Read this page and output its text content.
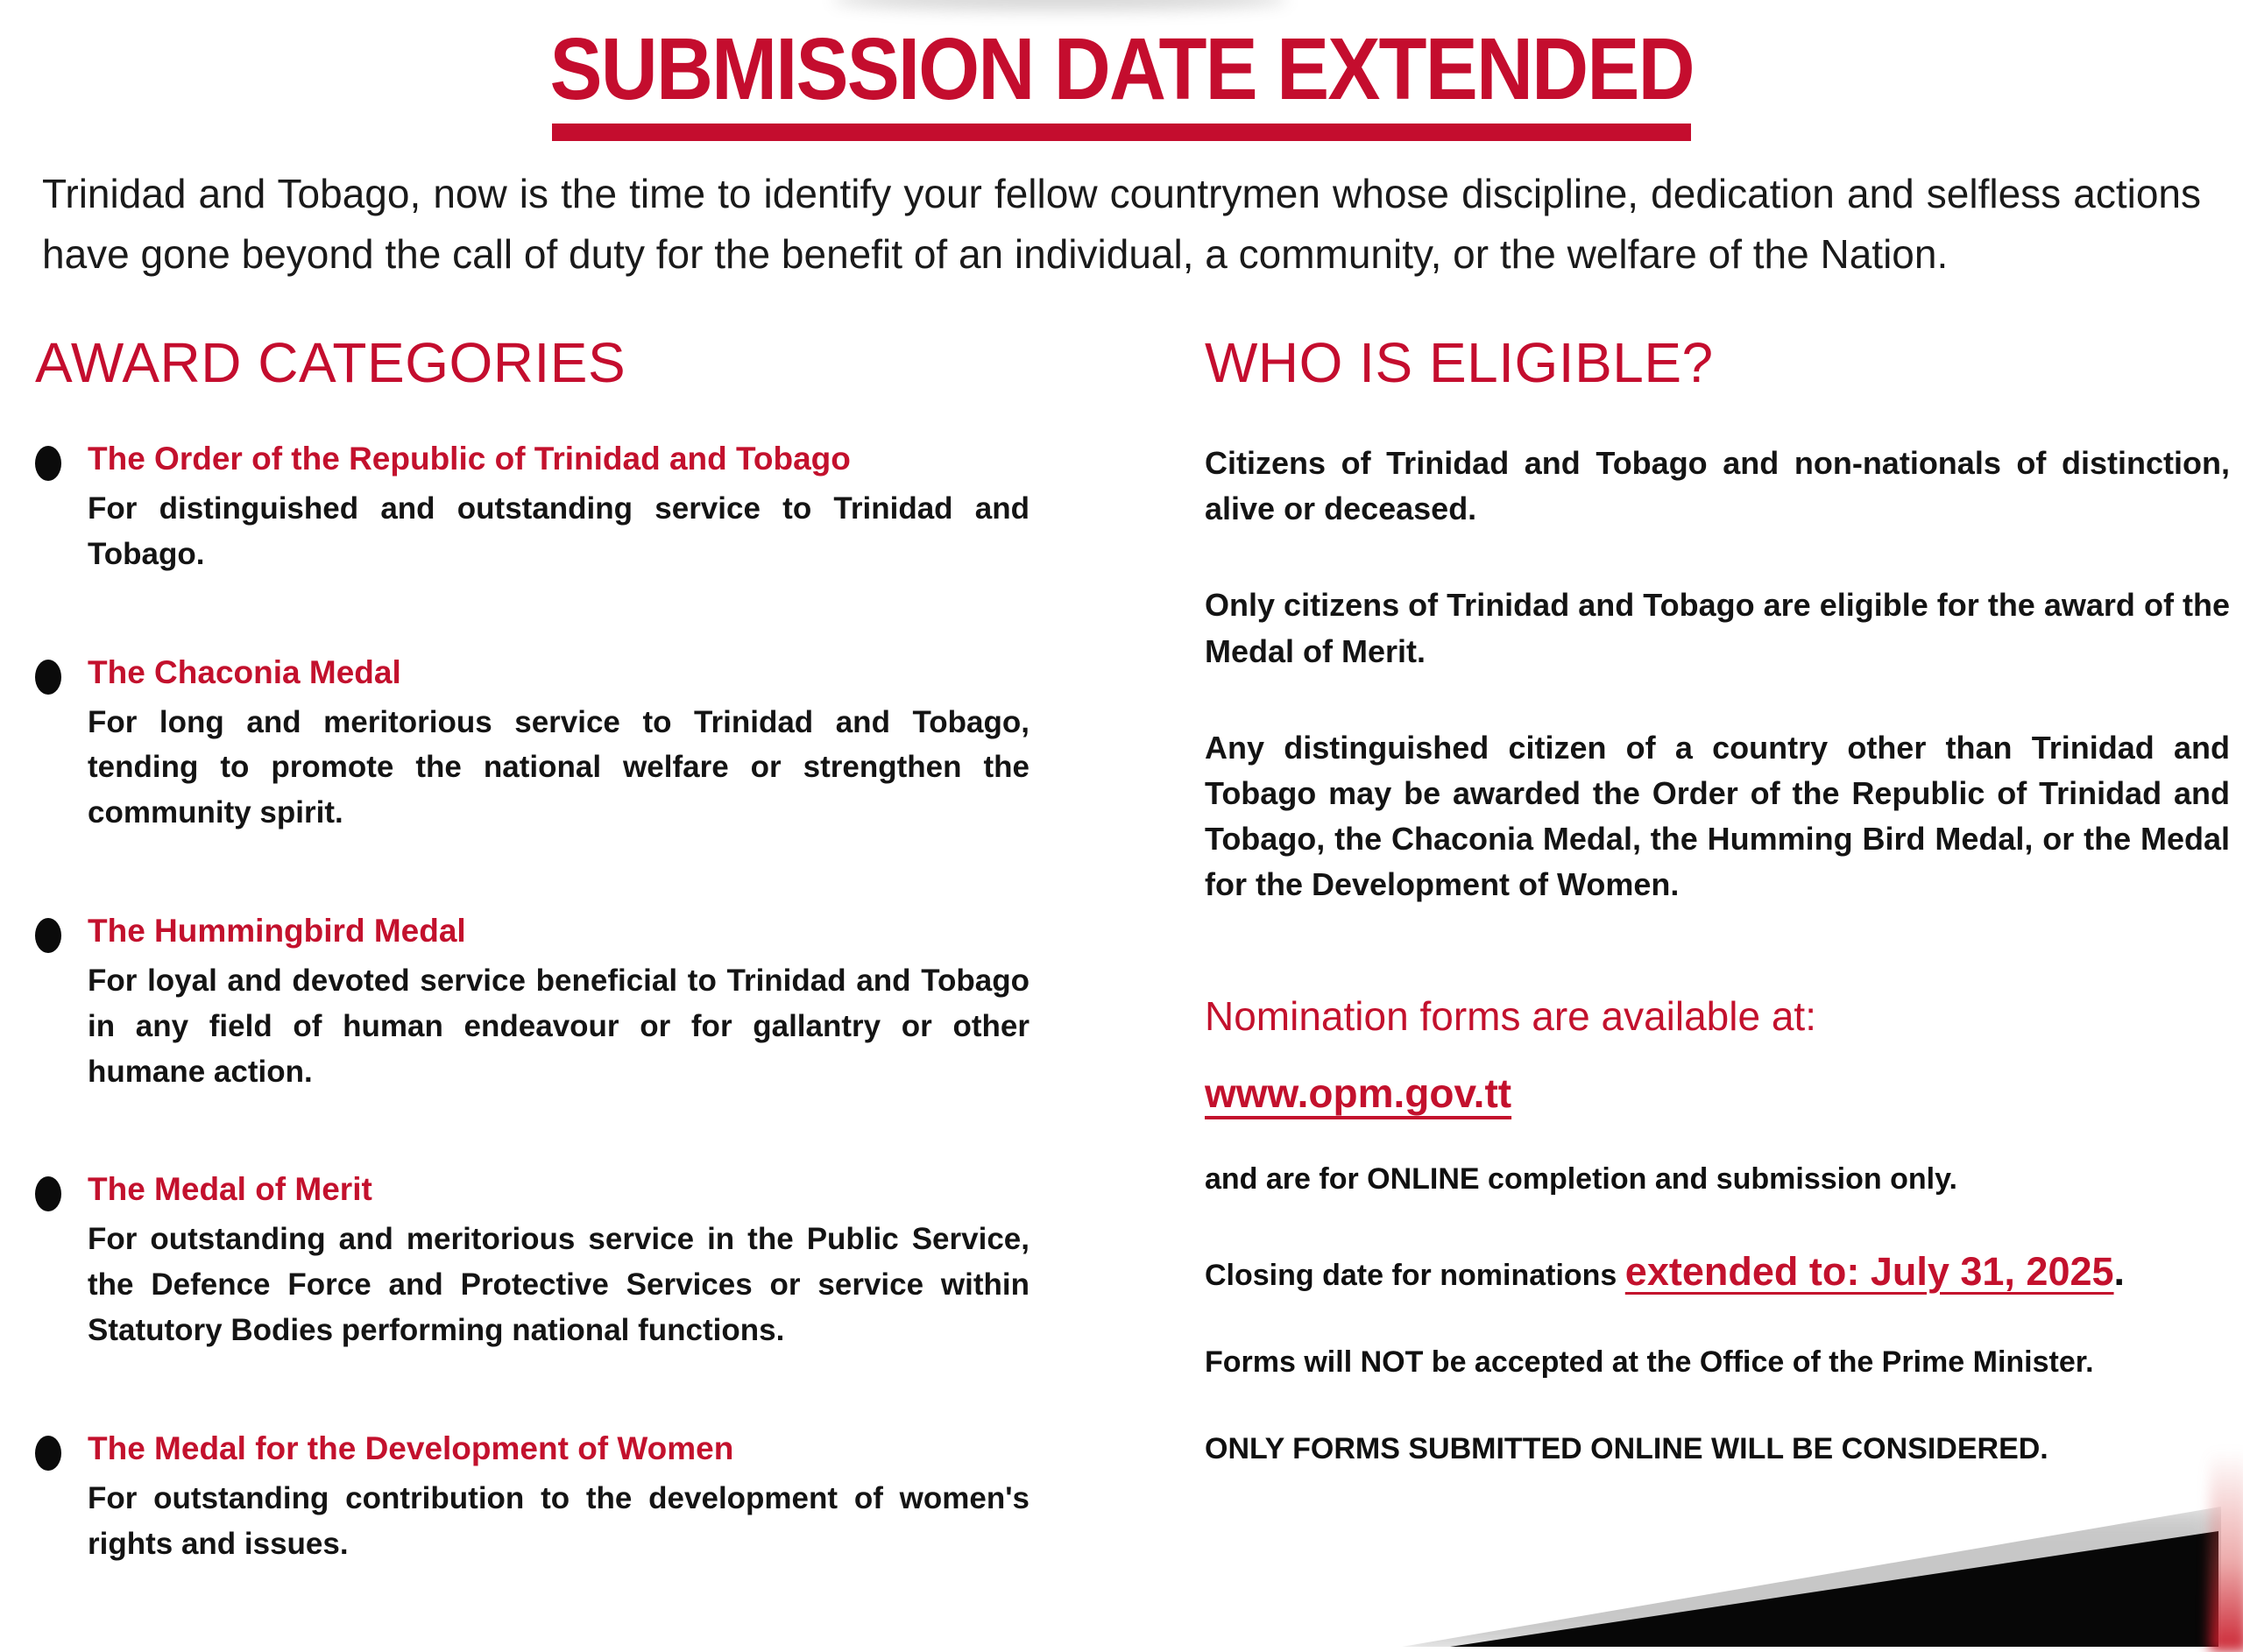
SUBMISSION DATE EXTENDED

Trinidad and Tobago, now is the time to identify your fellow countrymen whose discipline, dedication and selfless actions have gone beyond the call of duty for the benefit of an individual, a community, or the welfare of the Nation.

AWARD CATEGORIES
The Order of the Republic of Trinidad and Tobago
For distinguished and outstanding service to Trinidad and Tobago.
The Chaconia Medal
For long and meritorious service to Trinidad and Tobago, tending to promote the national welfare or strengthen the community spirit.
The Hummingbird Medal
For loyal and devoted service beneficial to Trinidad and Tobago in any field of human endeavour or for gallantry or other humane action.
The Medal of Merit
For outstanding and meritorious service in the Public Service, the Defence Force and Protective Services or service within Statutory Bodies performing national functions.
The Medal for the Development of Women
For outstanding contribution to the development of women's rights and issues.
WHO IS ELIGIBLE?

Citizens of Trinidad and Tobago and non-nationals of distinction, alive or deceased.

Only citizens of Trinidad and Tobago are eligible for the award of the Medal of Merit.

Any distinguished citizen of a country other than Trinidad and Tobago may be awarded the Order of the Republic of Trinidad and Tobago, the Chaconia Medal, the Humming Bird Medal, or the Medal for the Development of Women.

Nomination forms are available at:
www.opm.gov.tt
and are for ONLINE completion and submission only.
Closing date for nominations extended to: July 31, 2025.
Forms will NOT be accepted at the Office of the Prime Minister.
ONLY FORMS SUBMITTED ONLINE WILL BE CONSIDERED.
